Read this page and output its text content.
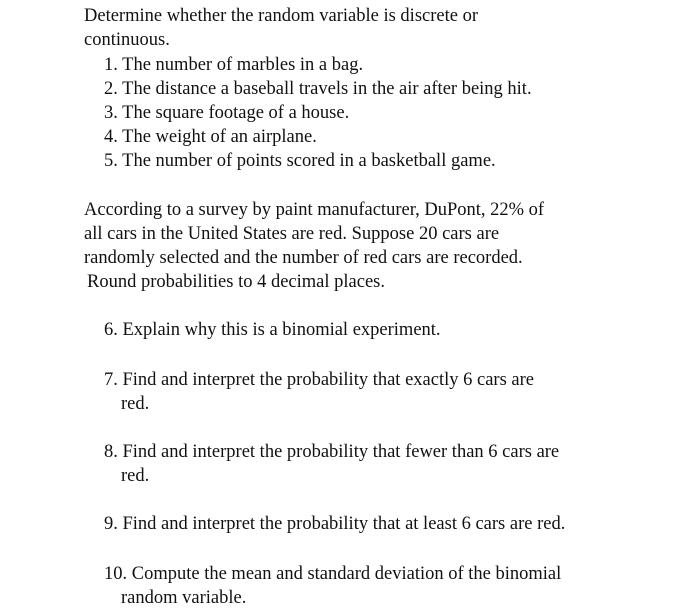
Determine whether the random variable is discrete or
continuous.
1. The number of marbles in a bag.
2. The distance a baseball travels in the air after being hit.
3. The square footage of a house.
4. The weight of an airplane.
5. The number of points scored in a basketball game.
According to a survey by paint manufacturer, DuPont, 22% of
all cars in the United States are red. Suppose 20 cars are
randomly selected and the number of red cars are recorded.
Round probabilities to 4 decimal places.
6. Explain why this is a binomial experiment.
7. Find and interpret the probability that exactly 6 cars are
red.
8. Find and interpret the probability that fewer than 6 cars are
red.
9. Find and interpret the probability that at least 6 cars are red.
10. Compute the mean and standard deviation of the binomial
random variable.
